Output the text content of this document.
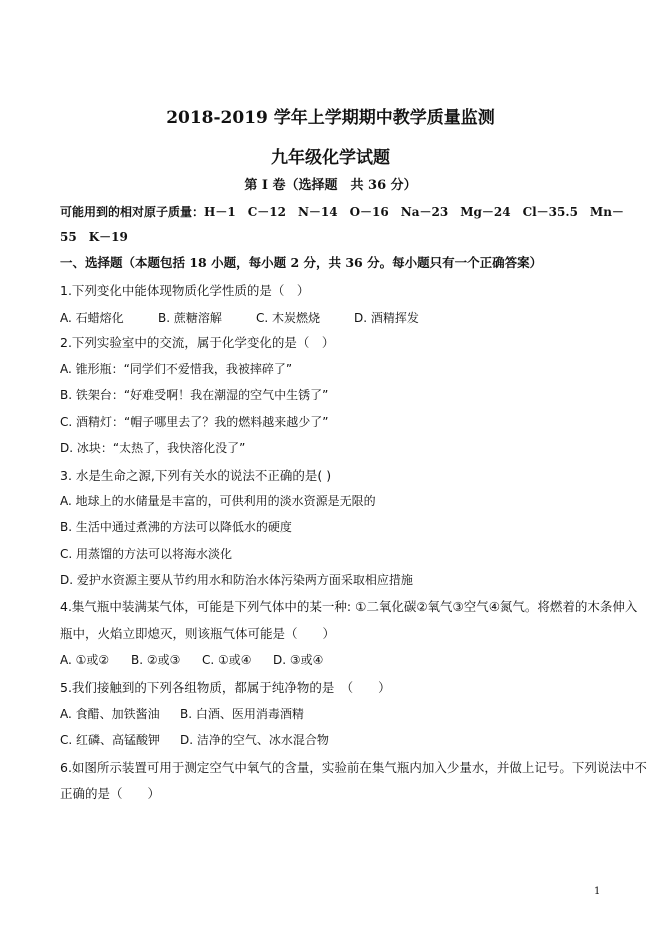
2018-2019 学年上学期期中教学质量监测
九年级化学试题
第 I 卷（选择题　共 36 分）
可能用到的相对原子质量：H－1　C－12　N－14　O－16　Na－23　Mg－24　Cl－35.5　Mn－
55　K－19
一、选择题（本题包括 18 小题，每小题 2 分，共 36 分。每小题只有一个正确答案）
1.下列变化中能体现物质化学性质的是（　）
A. 石蜡熔化	B. 蔗糖溶解	C. 木炭燃烧	D. 酒精挥发
2.下列实验室中的交流，属于化学变化的是（　）
A. 锥形瓶：“同学们不爱惜我，我被摔碎了”
B. 铁架台：“好难受啊！我在潮湿的空气中生锈了”
C. 酒精灯：“帽子哪里去了？我的燃料越来越少了”
D. 冰块：“太热了，我快溶化没了”
3. 水是生命之源,下列有关水的说法不正确的是( )
A. 地球上的水储量是丰富的，可供利用的淡水资源是无限的
B. 生活中通过煮沸的方法可以降低水的硬度
C. 用蒸馏的方法可以将海水淡化
D. 爱护水资源主要从节约用水和防治水体污染两方面采取相应措施
4.集气瓶中装满某气体，可能是下列气体中的某一种: ①二氧化碳②氧气③空气④氮气。将燃着的木条伸入
瓶中，火焰立即熄灭，则该瓶气体可能是（　　）
A. ①或② B. ②或③ C. ①或④ D. ③或④
5.我们接触到的下列各组物质，都属于纯净物的是　（　　）
A. 食醋、加铁酱油 B. 白酒、医用消毒酒精
C. 红磷、高锰酸钾 D. 洁净的空气、冰水混合物
6.如图所示装置可用于测定空气中氧气的含量，实验前在集气瓶内加入少量水，并做上记号。下列说法中不
正确的是（　　）
1
